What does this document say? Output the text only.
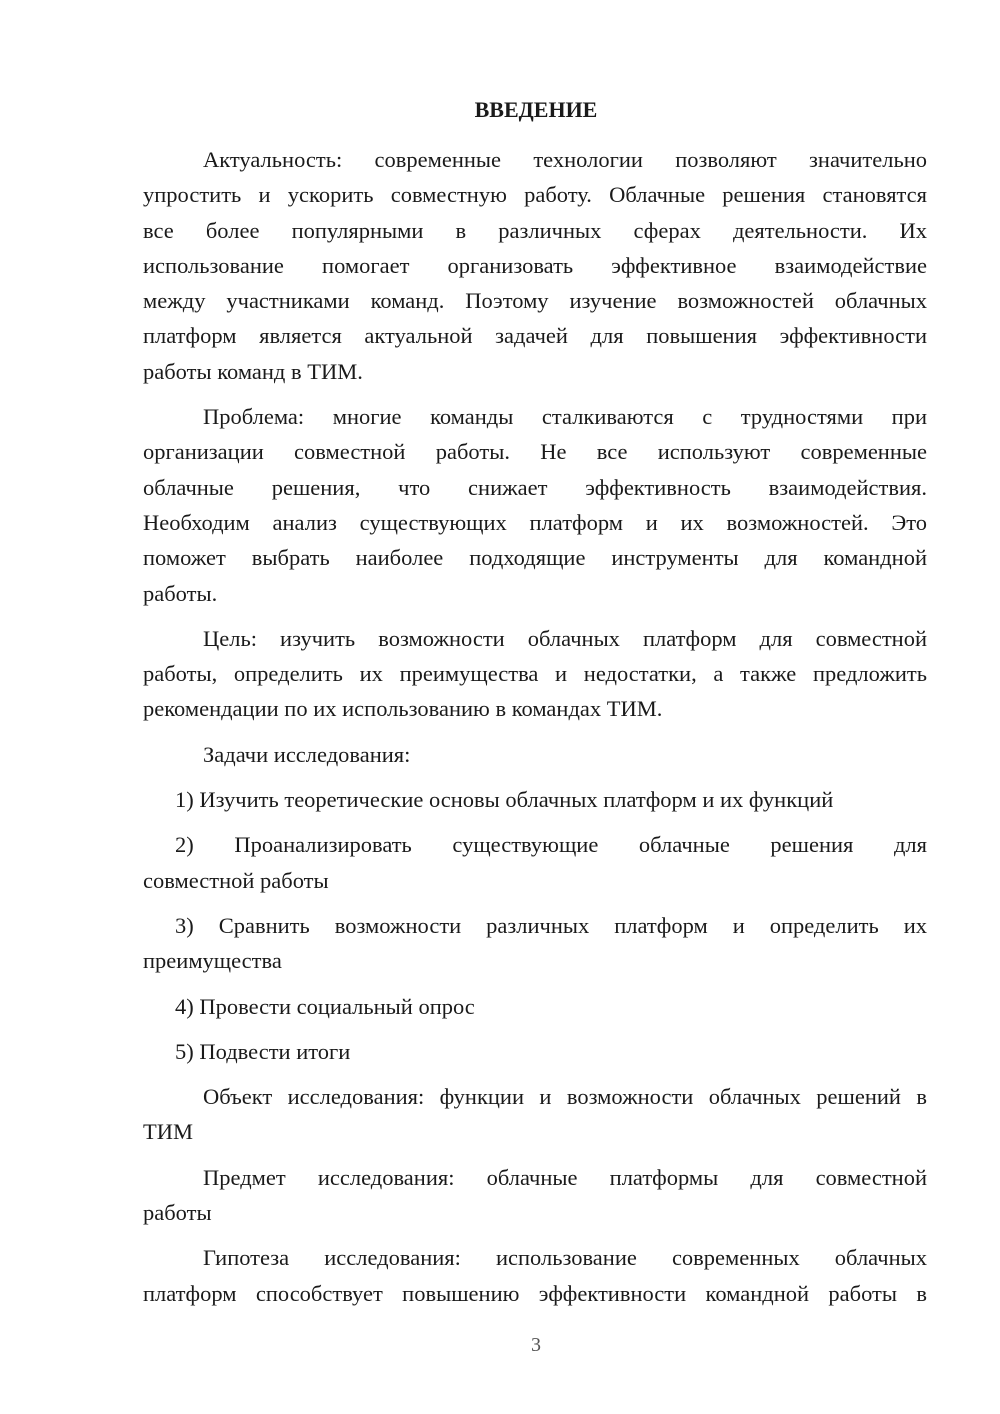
ВВЕДЕНИЕ
Актуальность: современные технологии позволяют значительно
упростить и ускорить совместную работу. Облачные решения становятся
все более популярными в различных сферах деятельности. Их
использование помогает организовать эффективное взаимодействие
между участниками команд. Поэтому изучение возможностей облачных
платформ является актуальной задачей для повышения эффективности
работы команд в ТИМ.
Проблема: многие команды сталкиваются с трудностями при
организации совместной работы. Не все используют современные
облачные решения, что снижает эффективность взаимодействия.
Необходим анализ существующих платформ и их возможностей. Это
поможет выбрать наиболее подходящие инструменты для командной
работы.
Цель: изучить возможности облачных платформ для совместной
работы, определить их преимущества и недостатки, а также предложить
рекомендации по их использованию в командах ТИМ.
Задачи исследования:
1) Изучить теоретические основы облачных платформ и их функций
2) Проанализировать существующие облачные решения для
совместной работы
3) Сравнить возможности различных платформ и определить их
преимущества
4) Провести социальный опрос
5) Подвести итоги
Объект исследования: функции и возможности облачных решений в
ТИМ
Предмет исследования: облачные платформы для совместной
работы
Гипотеза исследования: использование современных облачных
платформ способствует повышению эффективности командной работы в
3
